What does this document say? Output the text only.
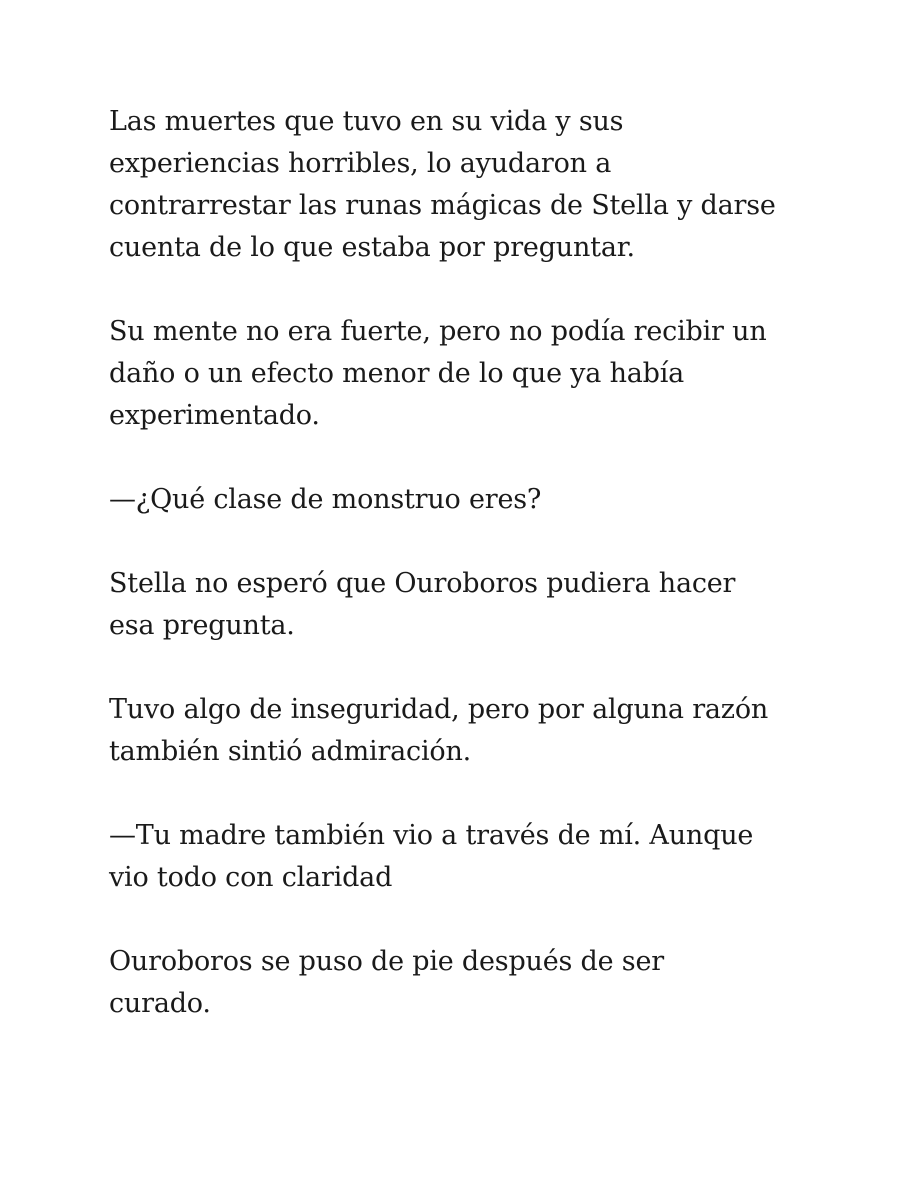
Las muertes que tuvo en su vida y sus
experiencias horribles, lo ayudaron a
contrarrestar las runas mágicas de Stella y darse
cuenta de lo que estaba por preguntar.

Su mente no era fuerte, pero no podía recibir un
daño o un efecto menor de lo que ya había
experimentado.

—¿Qué clase de monstruo eres?

Stella no esperó que Ouroboros pudiera hacer
esa pregunta.

Tuvo algo de inseguridad, pero por alguna razón
también sintió admiración.

—Tu madre también vio a través de mí. Aunque
vio todo con claridad

Ouroboros se puso de pie después de ser
curado.
